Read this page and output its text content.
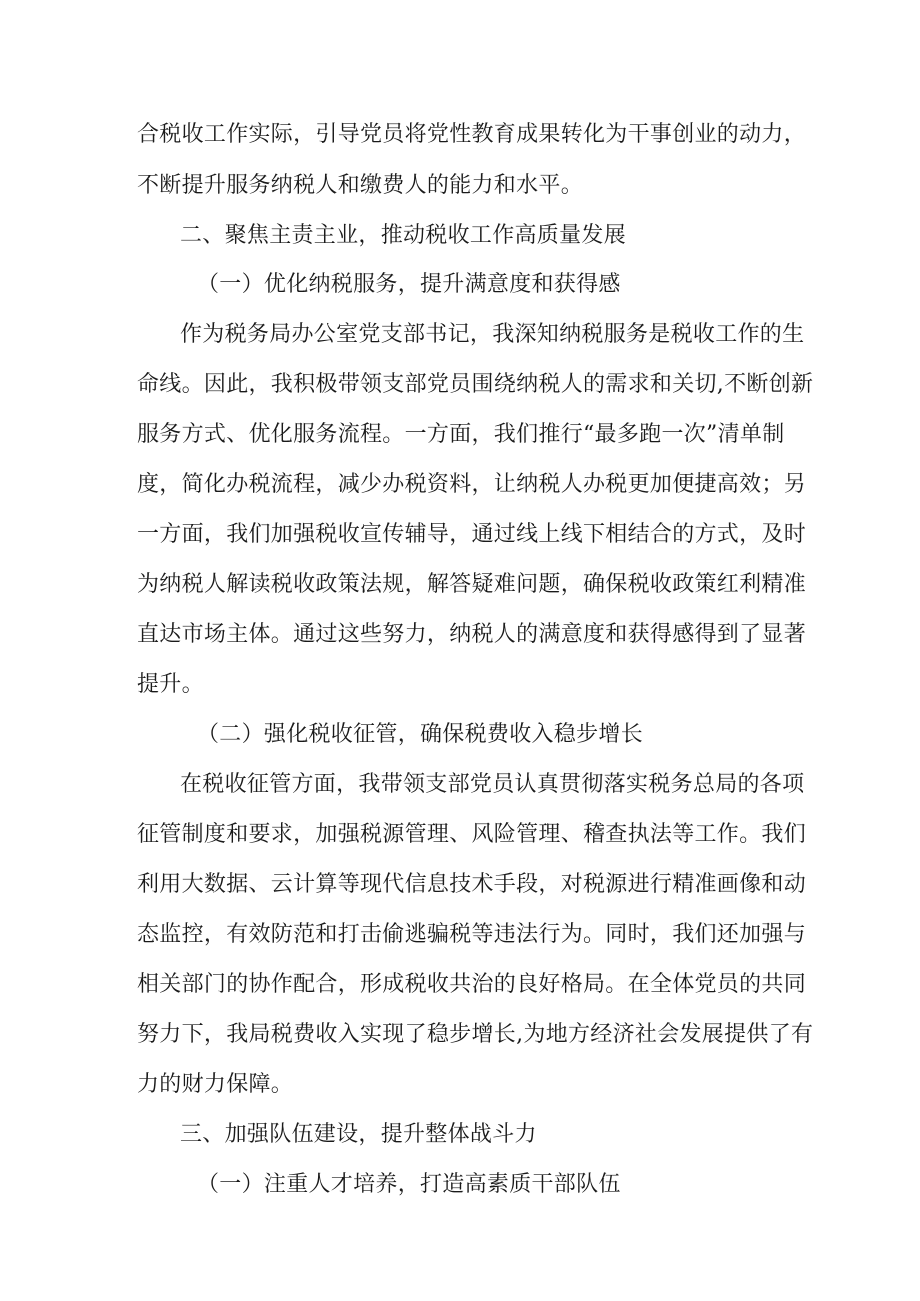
合税收工作实际，引导党员将党性教育成果转化为干事创业的动力，
不断提升服务纳税人和缴费人的能力和水平。
二、聚焦主责主业，推动税收工作高质量发展
（一）优化纳税服务，提升满意度和获得感
作为税务局办公室党支部书记，我深知纳税服务是税收工作的生
命线。因此，我积极带领支部党员围绕纳税人的需求和关切,不断创新
服务方式、优化服务流程。一方面，我们推行“最多跑一次”清单制
度，简化办税流程，减少办税资料，让纳税人办税更加便捷高效；另
一方面，我们加强税收宣传辅导，通过线上线下相结合的方式，及时
为纳税人解读税收政策法规，解答疑难问题，确保税收政策红利精准
直达市场主体。通过这些努力，纳税人的满意度和获得感得到了显著
提升。
（二）强化税收征管，确保税费收入稳步增长
在税收征管方面，我带领支部党员认真贯彻落实税务总局的各项
征管制度和要求，加强税源管理、风险管理、稽查执法等工作。我们
利用大数据、云计算等现代信息技术手段，对税源进行精准画像和动
态监控，有效防范和打击偷逃骗税等违法行为。同时，我们还加强与
相关部门的协作配合，形成税收共治的良好格局。在全体党员的共同
努力下，我局税费收入实现了稳步增长,为地方经济社会发展提供了有
力的财力保障。
三、加强队伍建设，提升整体战斗力
（一）注重人才培养，打造高素质干部队伍
